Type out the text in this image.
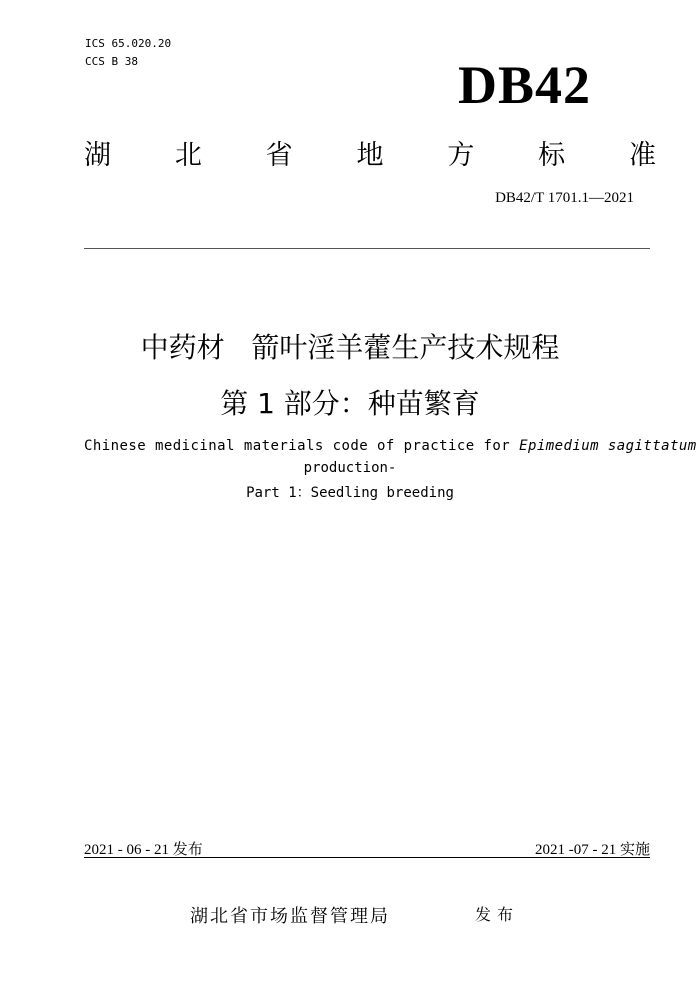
ICS 65.020.20
CCS B 38	DB42
湖 北 省 地 方 标 准
DB42/T 1701.1—2021
中药材   箭叶淫羊藿生产技术规程
第 1 部分：种苗繁育
Chinese medicinal materials code of practice for Epimedium sagittatum
production-
Part 1：Seedling breeding
2021 - 06 - 21 发布	2021 -07 - 21 实施
湖北省市场监督管理局	发布
